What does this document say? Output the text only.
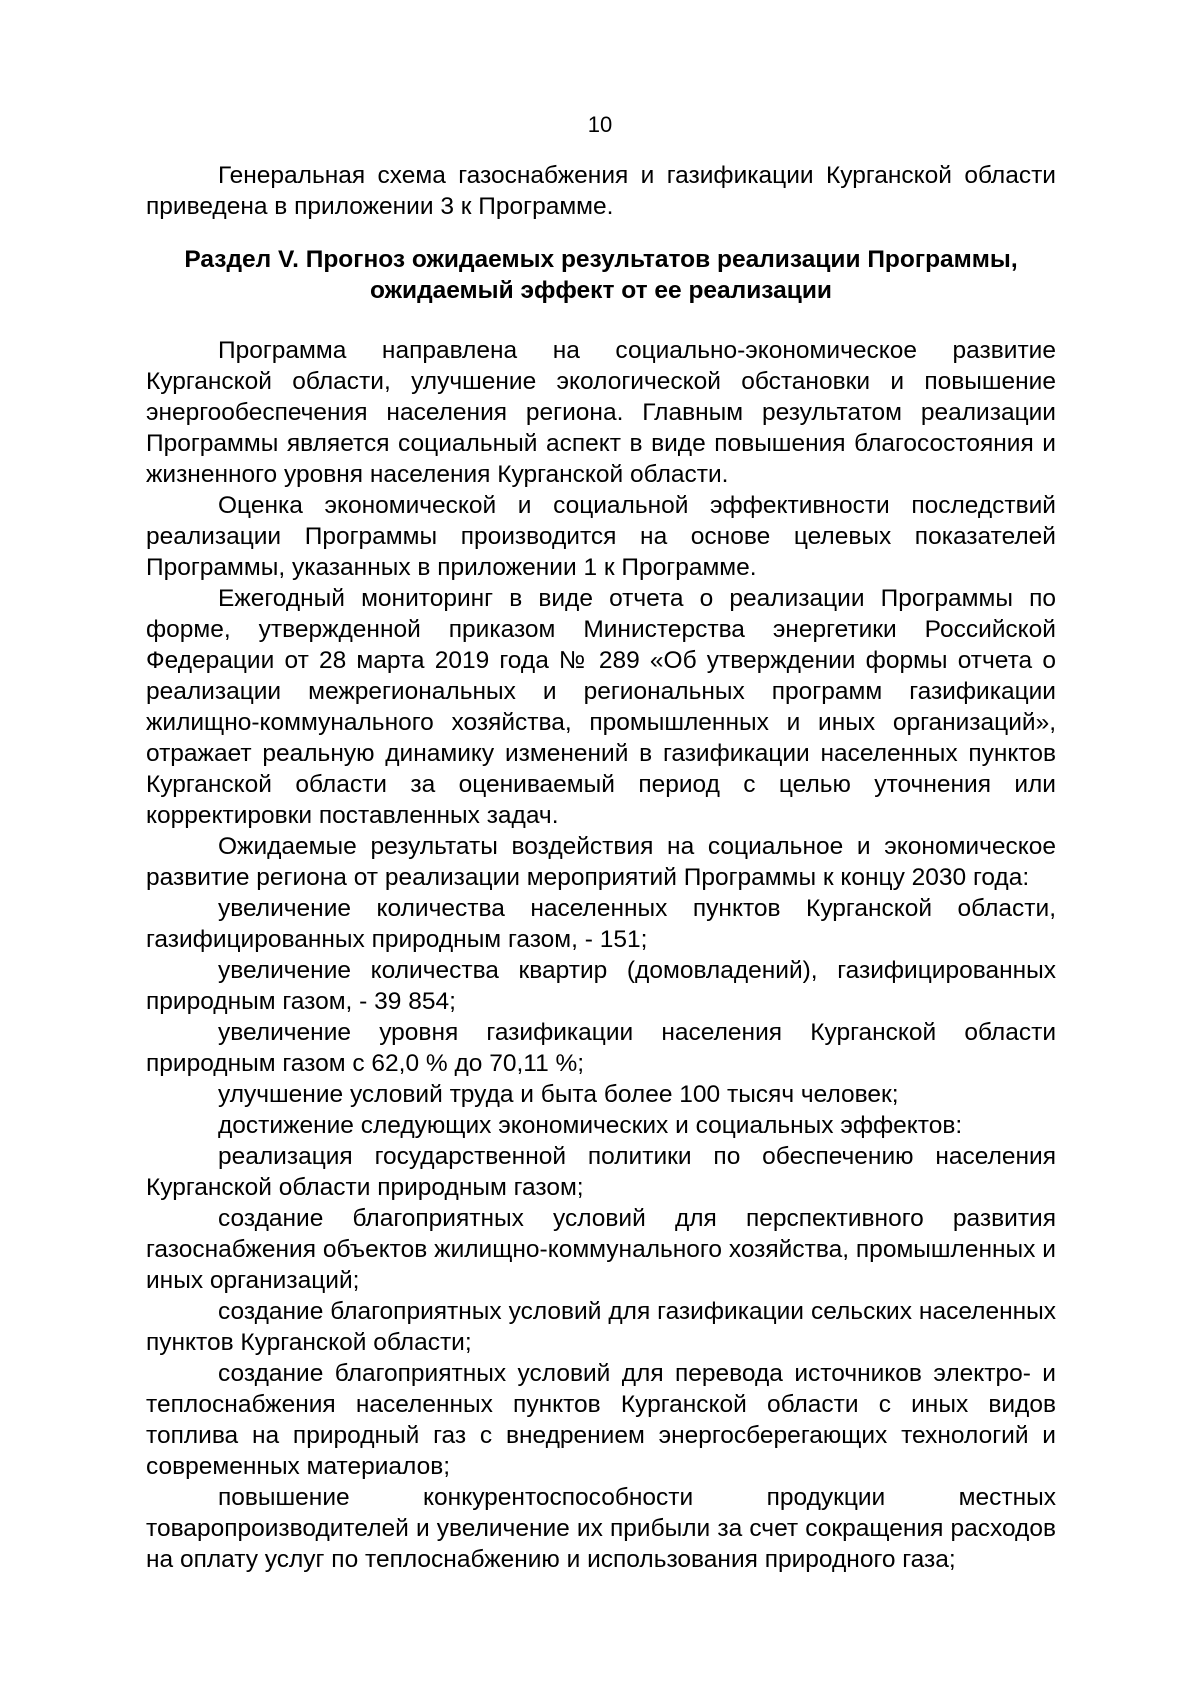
10

Генеральная схема газоснабжения и газификации Курганской области приведена в приложении 3 к Программе.

Раздел V. Прогноз ожидаемых результатов реализации Программы,
ожидаемый эффект от ее реализации

Программа направлена на социально-экономическое развитие Курганской области, улучшение экологической обстановки и повышение энергообеспечения населения региона. Главным результатом реализации Программы является социальный аспект в виде повышения благосостояния и жизненного уровня населения Курганской области.

Оценка экономической и социальной эффективности последствий реализации Программы производится на основе целевых показателей Программы, указанных в приложении 1 к Программе.

Ежегодный мониторинг в виде отчета о реализации Программы по форме, утвержденной приказом Министерства энергетики Российской Федерации от 28 марта 2019 года № 289 «Об утверждении формы отчета о реализации межрегиональных и региональных программ газификации жилищно-коммунального хозяйства, промышленных и иных организаций», отражает реальную динамику изменений в газификации населенных пунктов Курганской области за оцениваемый период с целью уточнения или корректировки поставленных задач.

Ожидаемые результаты воздействия на социальное и экономическое развитие региона от реализации мероприятий Программы к концу 2030 года:

увеличение количества населенных пунктов Курганской области, газифицированных природным газом, - 151;

увеличение количества квартир (домовладений), газифицированных природным газом, - 39 854;

увеличение уровня газификации населения Курганской области природным газом с 62,0 % до 70,11 %;

улучшение условий труда и быта более 100 тысяч человек;

достижение следующих экономических и социальных эффектов:

реализация государственной политики по обеспечению населения Курганской области природным газом;

создание благоприятных условий для перспективного развития газоснабжения объектов жилищно-коммунального хозяйства, промышленных и иных организаций;

создание благоприятных условий для газификации сельских населенных пунктов Курганской области;

создание благоприятных условий для перевода источников электро- и теплоснабжения населенных пунктов Курганской области с иных видов топлива на природный газ с внедрением энергосберегающих технологий и современных материалов;

повышение конкурентоспособности продукции местных товаропроизводителей и увеличение их прибыли за счет сокращения расходов на оплату услуг по теплоснабжению и использования природного газа;
